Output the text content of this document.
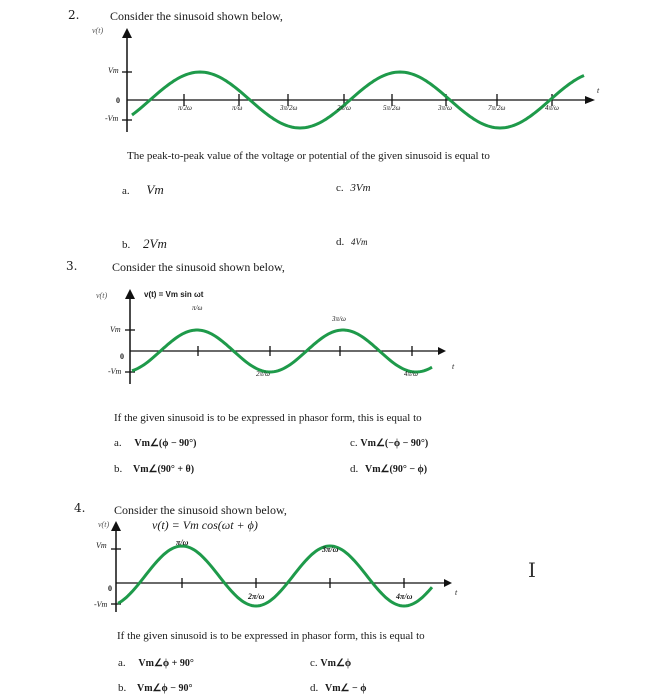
2.	Consider the sinusoid shown below,
v(t)
Vm
0
-Vm
t
π/2ω	π/ω	3π/2ω	2π/ω	5π/2ω	3π/ω	7π/2ω	4π/ω
The peak-to-peak value of the voltage or potential of the given sinusoid is equal to
a. Vm	c. 3Vm
b. 2Vm	d. 4Vm
3.	Consider the sinusoid shown below,
v(t)	v(t) = Vm sin ωt
Vm
0
-Vm
t
π/ω
2π/ω
3π/ω
4π/ω
If the given sinusoid is to be expressed in phasor form, this is equal to
a. Vm∠(ϕ − 90°)	c. Vm∠(−ϕ − 90°)
b. Vm∠(90° + θ)	d. Vm∠(90° − ϕ)
4. Consider the sinusoid shown below,
v(t)	v(t) = Vm cos(ωt + ϕ)
Vm
0
-Vm
t
π/ω
2π/ω
3π/ω
4π/ω
If the given sinusoid is to be expressed in phasor form, this is equal to
a. Vm∠ϕ + 90°	c. Vm∠ϕ
b. Vm∠ϕ − 90°	d. Vm∠ − ϕ
I
